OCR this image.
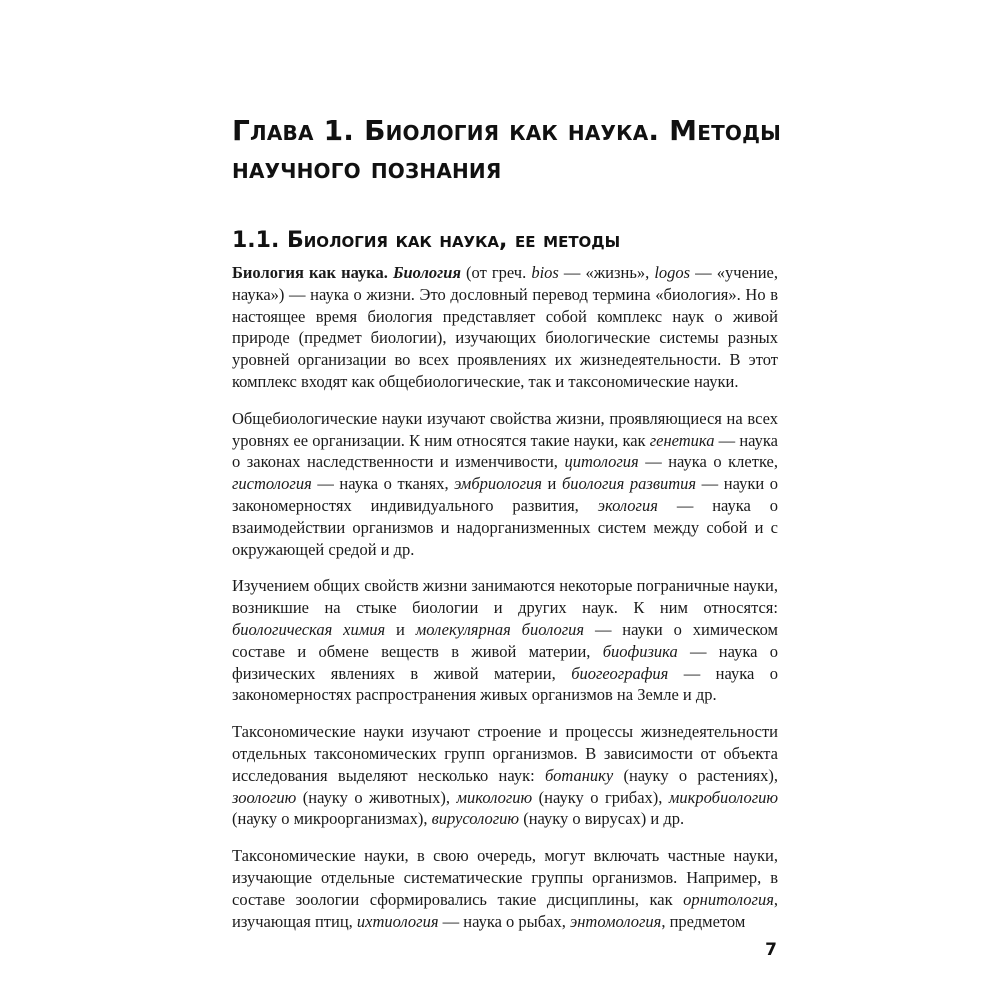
Глава 1. Биология как наука. Методы научного познания
1.1. Биология как наука, ее методы

Биология как наука. Биология (от греч. bios — «жизнь», logos — «учение, наука») — наука о жизни. Это дословный перевод термина «биология». Но в настоящее время биология представляет собой комплекс наук о живой природе (предмет биологии), изучающих биологические системы разных уровней организации во всех проявлениях их жизнедеятельности. В этот комплекс входят как общебиологические, так и таксономические науки.

Общебиологические науки изучают свойства жизни, проявляющиеся на всех уровнях ее организации. К ним относятся такие науки, как генетика — наука о законах наследственности и изменчивости, цитология — наука о клетке, гистология — наука о тканях, эмбриология и биология развития — науки о закономерностях индивидуального развития, экология — наука о взаимодействии организмов и надорганизменных систем между собой и с окружающей средой и др.

Изучением общих свойств жизни занимаются некоторые пограничные науки, возникшие на стыке биологии и других наук. К ним относятся: биологическая химия и молекулярная биология — науки о химическом составе и обмене веществ в живой материи, биофизика — наука о физических явлениях в живой материи, биогеография — наука о закономерностях распространения живых организмов на Земле и др.

Таксономические науки изучают строение и процессы жизнедеятельности отдельных таксономических групп организмов. В зависимости от объекта исследования выделяют несколько наук: ботанику (науку о растениях), зоологию (науку о животных), микологию (науку о грибах), микробиологию (науку о микроорганизмах), вирусологию (науку о вирусах) и др.

Таксономические науки, в свою очередь, могут включать частные науки, изучающие отдельные систематические группы организмов. Например, в составе зоологии сформировались такие дисциплины, как орнитология, изучающая птиц, ихтиология — наука о рыбах, энтомология, предметом

7
